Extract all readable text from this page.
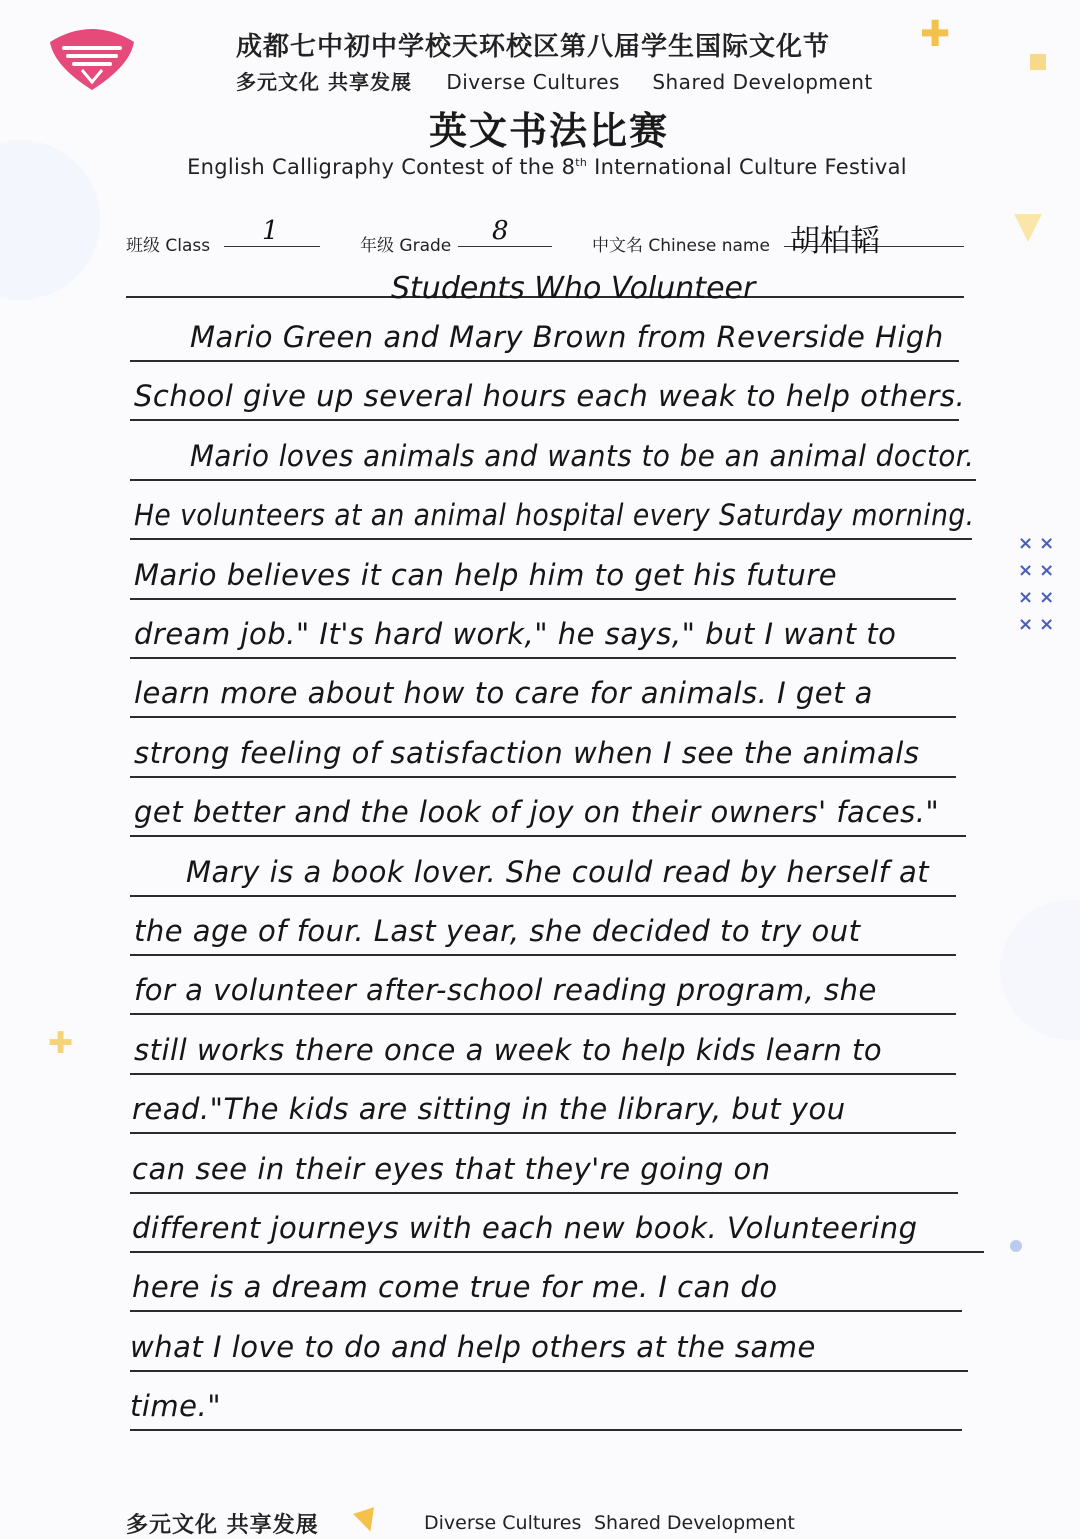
✚
✚
成都七中初中学校天环校区第八届学生国际文化节
多元文化 共享发展 Diverse Cultures Shared Development
英文书法比赛
English Calligraphy Contest of the 8th International Culture Festival
班级 Class 1	年级 Grade 8	中文名 Chinese name 胡柏韬
Students Who Volunteer
Mario Green and Mary Brown from Reverside High
School give up several hours each weak to help others.
Mario loves animals and wants to be an animal doctor.
He volunteers at an animal hospital every Saturday morning.
Mario believes it can help him to get his future
dream job." It's hard work," he says," but I want to
learn more about how to care for animals. I get a
strong feeling of satisfaction when I see the animals
get better and the look of joy on their owners' faces."
Mary is a book lover. She could read by herself at
the age of four. Last year, she decided to try out
for a volunteer after-school reading program, she
still works there once a week to help kids learn to
read."The kids are sitting in the library, but you
can see in their eyes that they're going on
different journeys with each new book. Volunteering
here is a dream come true for me. I can do
what I love to do and help others at the same
time."
××
××
××
××
多元文化 共享发展	Diverse Cultures Shared Development
